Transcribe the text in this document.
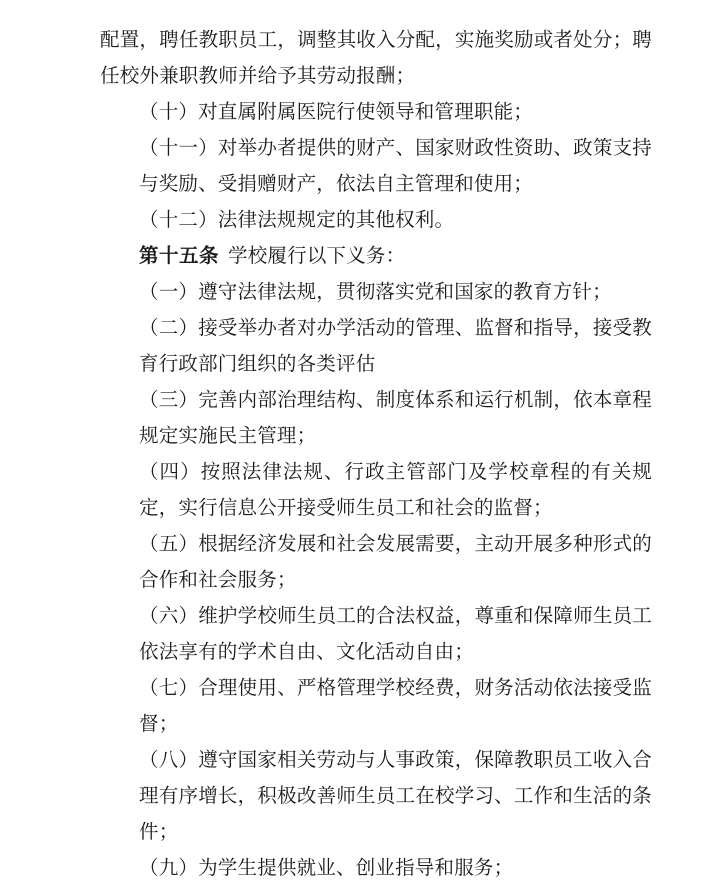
配置，聘任教职员工，调整其收入分配，实施奖励或者处分；聘任校外兼职教师并给予其劳动报酬；

（十）对直属附属医院行使领导和管理职能；

（十一）对举办者提供的财产、国家财政性资助、政策支持与奖励、受捐赠财产，依法自主管理和使用；

（十二）法律法规规定的其他权利。

第十五条 学校履行以下义务：

（一）遵守法律法规，贯彻落实党和国家的教育方针；

（二）接受举办者对办学活动的管理、监督和指导，接受教育行政部门组织的各类评估

（三）完善内部治理结构、制度体系和运行机制，依本章程规定实施民主管理；

（四）按照法律法规、行政主管部门及学校章程的有关规定，实行信息公开接受师生员工和社会的监督；

（五）根据经济发展和社会发展需要，主动开展多种形式的合作和社会服务；

（六）维护学校师生员工的合法权益，尊重和保障师生员工依法享有的学术自由、文化活动自由；

（七）合理使用、严格管理学校经费，财务活动依法接受监督；

（八）遵守国家相关劳动与人事政策，保障教职员工收入合理有序增长，积极改善师生员工在校学习、工作和生活的条件；

（九）为学生提供就业、创业指导和服务；
